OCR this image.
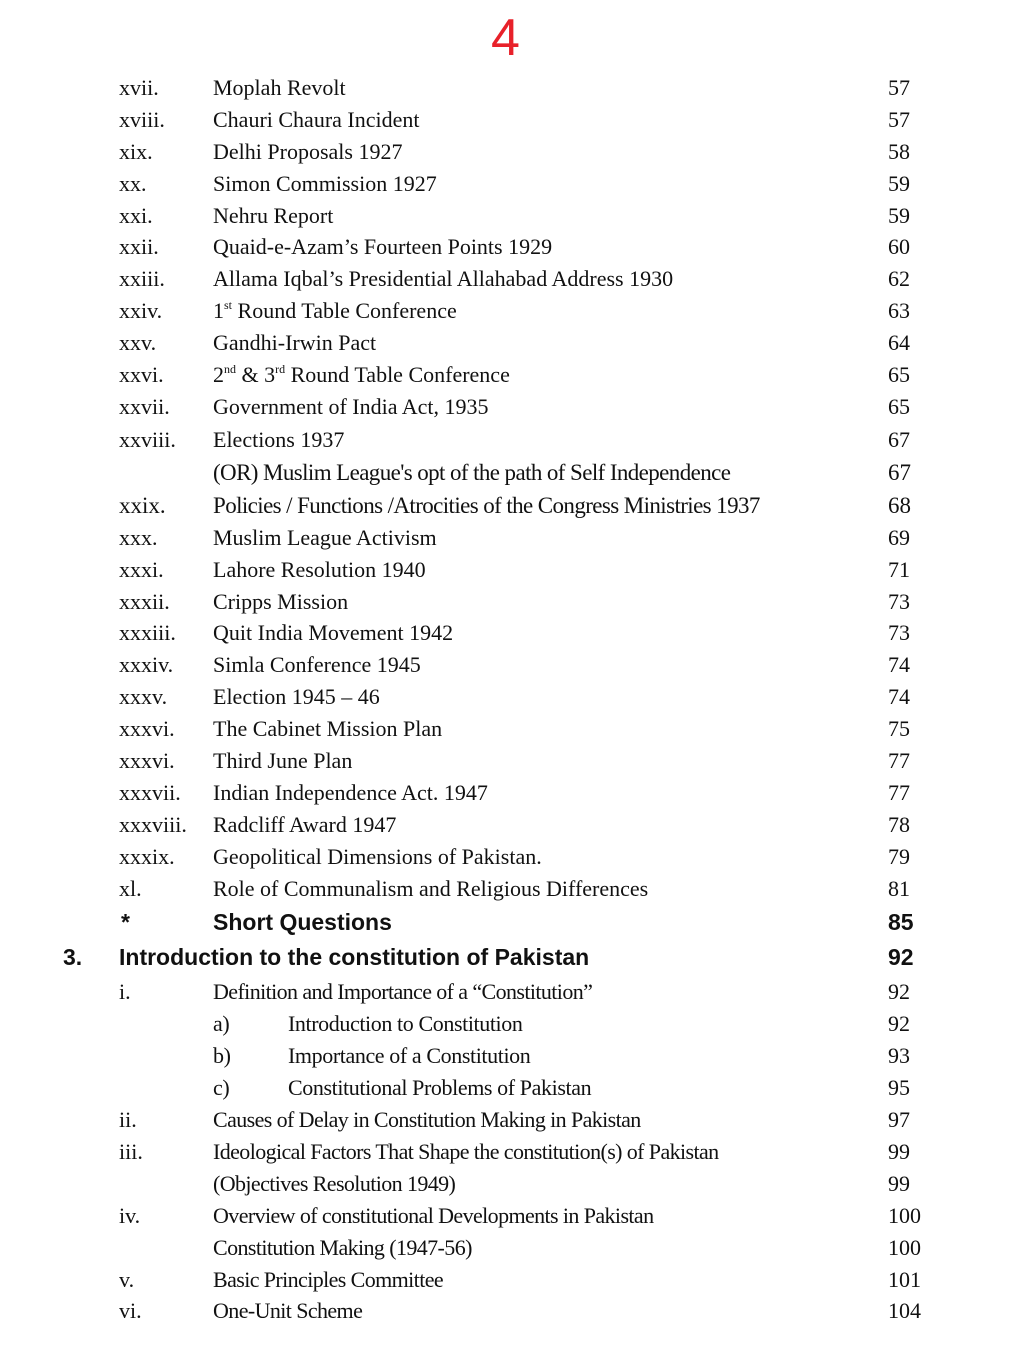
4
xvii. Moplah Revolt	57
xviii. Chauri Chaura Incident	57
xix.	Delhi Proposals 1927	58
xx.	Simon Commission 1927	59
xxi.	Nehru Report	59
xxii. Quaid-e-Azam’s Fourteen Points 1929	60
xxiii. Allama Iqbal’s Presidential Allahabad Address 1930	62
xxiv. 1st Round Table Conference	63
xxv.	Gandhi-Irwin Pact	64
xxvi. 2nd & 3rd Round Table Conference	65
xxvii. Government of India Act, 1935	65
xxviii. Elections 1937	67
(OR) Muslim League's opt of the path of Self Independence	67
xxix. Policies / Functions /Atrocities of the Congress Ministries 1937	68
xxx.	Muslim League Activism	69
xxxi. Lahore Resolution 1940	71
xxxii. Cripps Mission	73
xxxiii. Quit India Movement 1942	73
xxxiv. Simla Conference 1945	74
xxxv. Election 1945 – 46	74
xxxvi. The Cabinet Mission Plan	75
xxxvi. Third June Plan	77
xxxvii. Indian Independence Act. 1947	77
xxxviii. Radcliff Award 1947	78
xxxix. Geopolitical Dimensions of Pakistan.	79
xl.	Role of Communalism and Religious Differences	81
*	Short Questions	85
3. Introduction to the constitution of Pakistan	92
i.	Definition and Importance of a “Constitution”	92
a)	Introduction to Constitution	92
b)	Importance of a Constitution	93
c)	Constitutional Problems of Pakistan	95
ii.	Causes of Delay in Constitution Making in Pakistan	97
iii.	Ideological Factors That Shape the constitution(s) of Pakistan	99
(Objectives Resolution 1949)	99
iv.	Overview of constitutional Developments in Pakistan	100
Constitution Making (1947-56)	100
v.	Basic Principles Committee	101
vi.	One-Unit Scheme	104
